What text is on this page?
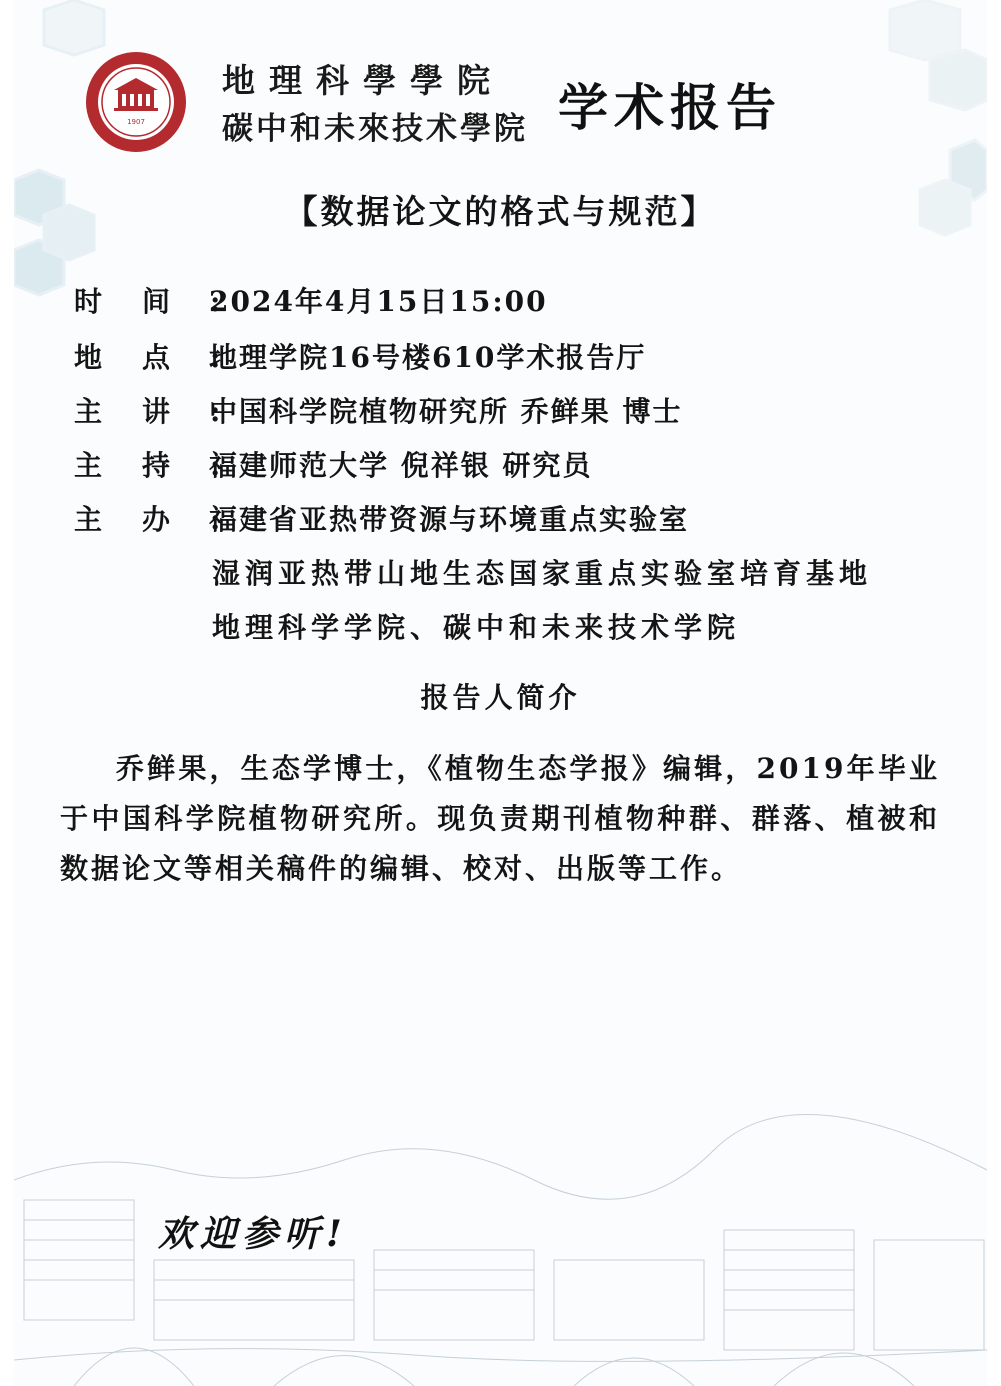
1907
地理科學學院
碳中和未來技术學院 学术报告
【数据论文的格式与规范】
时间:2024年4月15日15:00
地点:地理学院16号楼610学术报告厅
主讲:中国科学院植物研究所 乔鲜果 博士
主持:福建师范大学 倪祥银 研究员
主办:福建省亚热带资源与环境重点实验室
湿润亚热带山地生态国家重点实验室培育基地
地理科学学院、碳中和未来技术学院
报告人简介

乔鲜果，生态学博士，《植物生态学报》编辑，2019年毕业于中国科学院植物研究所。现负责期刊植物种群、群落、植被和数据论文等相关稿件的编辑、校对、出版等工作。

欢迎参听!
